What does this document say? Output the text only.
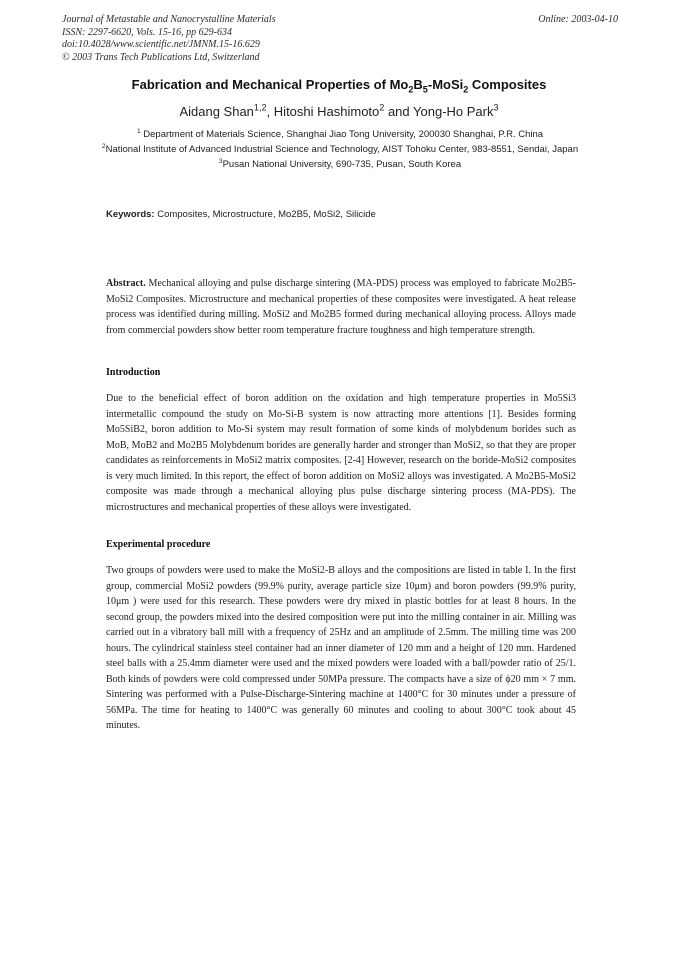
Journal of Metastable and Nanocrystalline Materials
ISSN: 2297-6620, Vols. 15-16, pp 629-634
doi:10.4028/www.scientific.net/JMNM.15-16.629
© 2003 Trans Tech Publications Ltd, Switzerland
Online: 2003-04-10
Fabrication and Mechanical Properties of $Mo_2B_5-MoSi_2$ Composites
Aidang Shan$^{1,2}$, Hitoshi Hashimoto$^2$ and Yong-Ho Park$^3$
$^1$ Department of Materials Science, Shanghai Jiao Tong University, 200030 Shanghai, P.R. China
$^2$National Institute of Advanced Industrial Science and Technology, AIST Tohoku Center, 983-8551, Sendai, Japan
$^3$Pusan National University, 690-735, Pusan, South Korea
Keywords: Composites, Microstructure, Mo2B5, MoSi2, Silicide
Abstract. Mechanical alloying and pulse discharge sintering (MA-PDS) process was employed to fabricate Mo2B5-MoSi2 Composites. Microstructure and mechanical properties of these composites were investigated. A heat release process was identified during milling. MoSi2 and Mo2B5 formed during mechanical alloying process. Alloys made from commercial powders show better room temperature fracture toughness and high temperature strength.
Introduction
Due to the beneficial effect of boron addition on the oxidation and high temperature properties in Mo5Si3 intermetallic compound the study on Mo-Si-B system is now attracting more attentions [1]. Besides forming Mo5SiB2, boron addition to Mo-Si system may result formation of some kinds of molybdenum borides such as MoB, MoB2 and Mo2B5 Molybdenum borides are generally harder and stronger than MoSi2, so that they are proper candidates as reinforcements in MoSi2 matrix composites. [2-4] However, research on the boride-MoSi2 composites is very much limited. In this report, the effect of boron addition on MoSi2 alloys was investigated. A Mo2B5-MoSi2 composite was made through a mechanical alloying plus pulse discharge sintering process (MA-PDS). The microstructures and mechanical properties of these alloys were investigated.
Experimental procedure
Two groups of powders were used to make the MoSi2-B alloys and the compositions are listed in table I. In the first group, commercial MoSi2 powders (99.9% purity, average particle size 10μm) and boron powders (99.9% purity, 10μm ) were used for this research. These powders were dry mixed in plastic bottles for at least 8 hours. In the second group, the powders mixed into the desired composition were put into the milling container in air. Milling was carried out in a vibratory ball mill with a frequency of 25Hz and an amplitude of 2.5mm. The milling time was 200 hours. The cylindrical stainless steel container had an inner diameter of 120 mm and a height of 120 mm. Hardened steel balls with a 25.4mm diameter were used and the mixed powders were loaded with a ball/powder ratio of 25/1. Both kinds of powders were cold compressed under 50MPa pressure. The compacts have a size of ϕ20 mm × 7 mm. Sintering was performed with a Pulse-Discharge-Sintering machine at 1400°C for 30 minutes under a pressure of 56MPa. The time for heating to 1400°C was generally 60 minutes and cooling to about 300°C took about 45 minutes.
